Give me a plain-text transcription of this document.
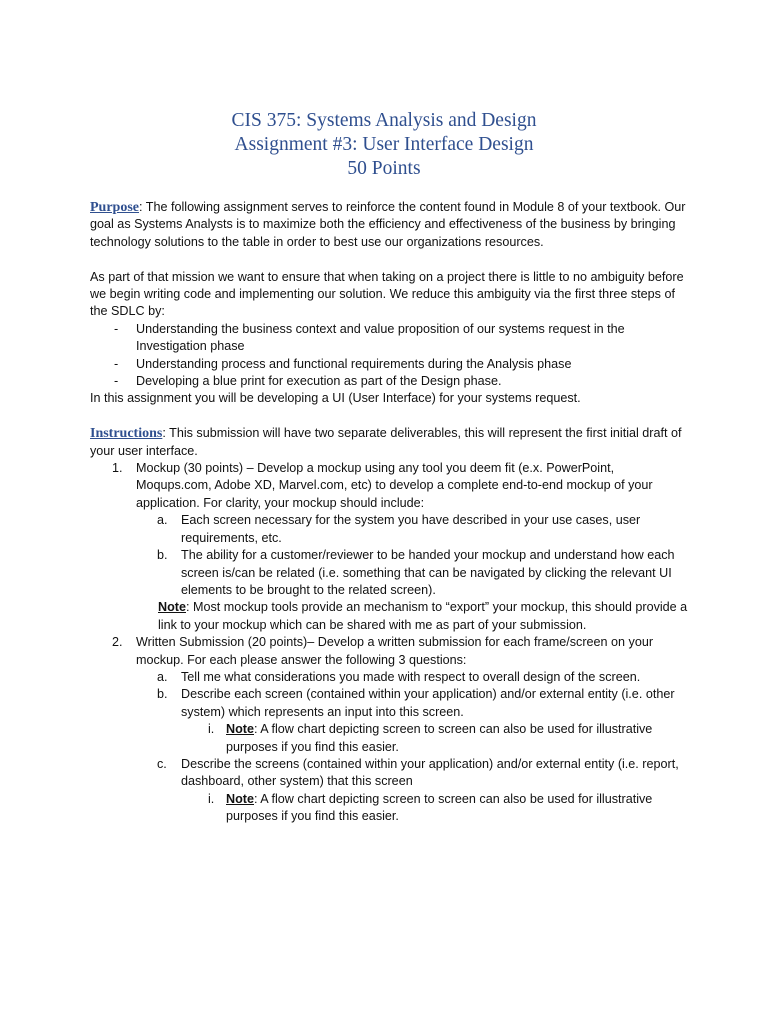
CIS 375: Systems Analysis and Design
Assignment #3: User Interface Design
50 Points

Purpose: The following assignment serves to reinforce the content found in Module 8 of your textbook. Our goal as Systems Analysts is to maximize both the efficiency and effectiveness of the business by bringing technology solutions to the table in order to best use our organizations resources.

As part of that mission we want to ensure that when taking on a project there is little to no ambiguity before we begin writing code and implementing our solution. We reduce this ambiguity via the first three steps of the SDLC by:

-	Understanding the business context and value proposition of our systems request in the Investigation phase
-	Understanding process and functional requirements during the Analysis phase
-	Developing a blue print for execution as part of the Design phase.

In this assignment you will be developing a UI (User Interface) for your systems request.

Instructions: This submission will have two separate deliverables, this will represent the first initial draft of your user interface.

1.	Mockup (30 points) – Develop a mockup using any tool you deem fit (e.x. PowerPoint, Moqups.com, Adobe XD, Marvel.com, etc) to develop a complete end-to-end mockup of your application. For clarity, your mockup should include:
a.	Each screen necessary for the system you have described in your use cases, user requirements, etc.
b.	The ability for a customer/reviewer to be handed your mockup and understand how each screen is/can be related (i.e. something that can be navigated by clicking the relevant UI elements to be brought to the related screen).

Note: Most mockup tools provide an mechanism to “export” your mockup, this should provide a link to your mockup which can be shared with me as part of your submission.

2.	Written Submission (20 points)– Develop a written submission for each frame/screen on your mockup. For each please answer the following 3 questions:
a.	Tell me what considerations you made with respect to overall design of the screen.
b.	Describe each screen (contained within your application) and/or external entity (i.e. other system) which represents an input into this screen.
i. Note: A flow chart depicting screen to screen can also be used for illustrative purposes if you find this easier.
c.	Describe the screens (contained within your application) and/or external entity (i.e. report, dashboard, other system) that this screen
i. Note: A flow chart depicting screen to screen can also be used for illustrative purposes if you find this easier.
